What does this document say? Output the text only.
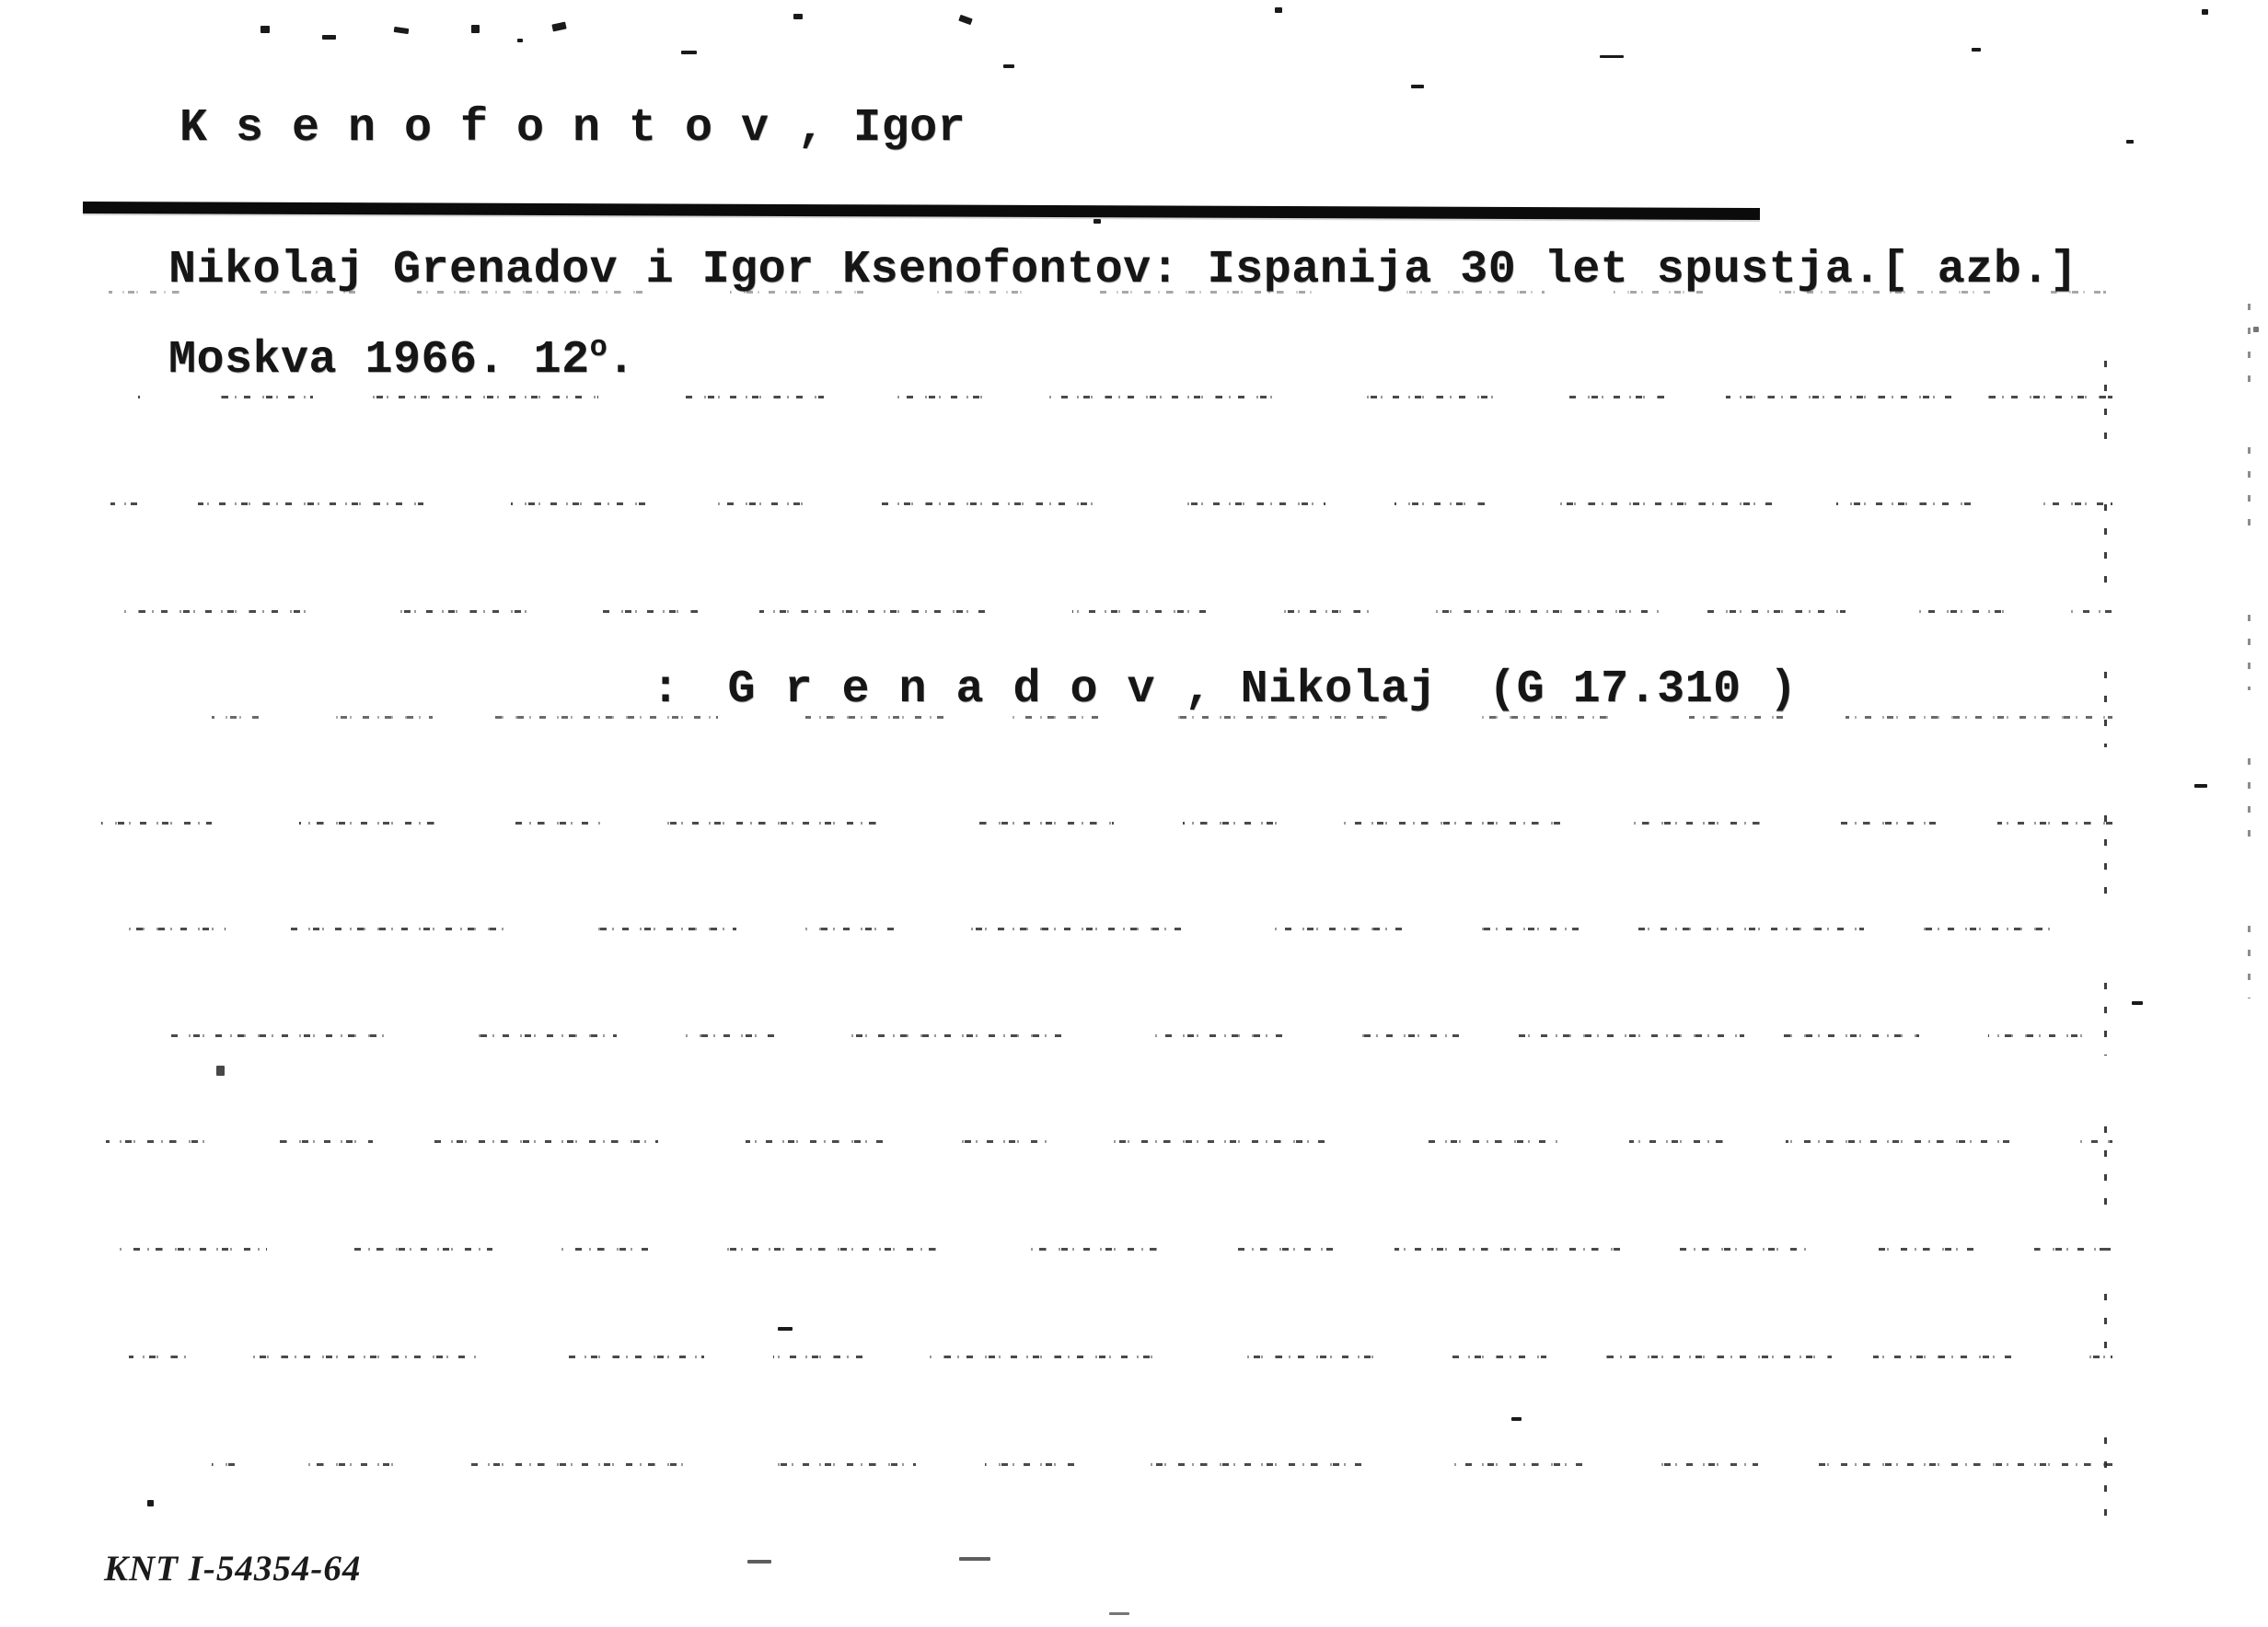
Ksenofontov, Igor
Nikolaj Grenadov i Igor Ksenofontov: Ispanija 30 let spustja.[ azb.]
Moskva 1966. 12$^o$.
: Grenadov, Nikolaj (G 17.310 )
KNT I-54354-64
